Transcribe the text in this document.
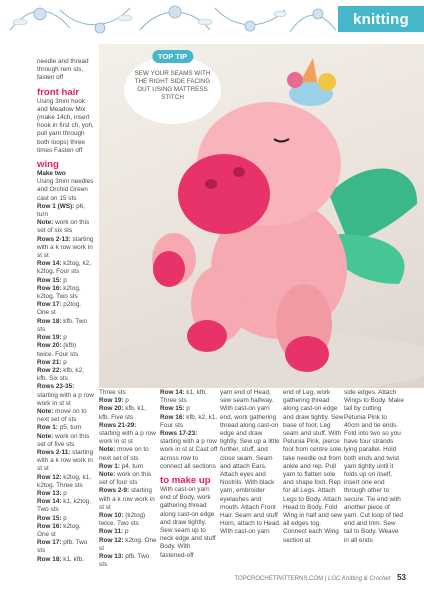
knitting

needle and thread through rem sts, fasten off

front hair

Using 3mm hook and Meadow Mix (make 14ch, insert hook in first ch, yoh, pull yarn through both loops) three times Fasten off

wing

Make two

Using 3mm needles and Orchid Green cast on 15 sts

Row 1 (WS): p6, turn

Note: work on this set of six sts

Rows 2-13: starting with a k row work in st st

Row 14: k2tog, k2, k2tog. Four sts

Row 15: p

Row 16: k2tog, k2tog. Two sts

Row 17: p2tog. One st

Row 18: kfb. Two sts

Row 19: p

Row 20: (kfb) twice. Four sts

Row 21: p

Row 22: kfb, k2, kfb. Six sts

Rows 23-35: starting with a p row work in st st

Note: move on to next set of sts

Row 1: p5, turn

Note: work on this set of five sts

Rows 2-11: starting with a k row work in st st

Row 12: k2tog, k1, k2tog. Three sts

Row 13: p

Row 14: k1, k2tog. Two sts

Row 15: p

Row 16: k2tog. One st

Row 17: pfb. Two sts

Row 18: k1, kfb.

TOP TIP
SEW YOUR SEAMS WITH THE RIGHT SIDE FACING OUT USING MATTRESS STITCH

Three sts

Row 19: p

Row 20: kfb, k1, kfb. Five sts

Rows 21-29: starting with a p row work in st st

Note: move on to next set of sts

Row 1: p4, turn

Note: work on this set of four sts

Rows 2-9: starting with a k row work in st st

Row 10: (k2tog) twice. Two sts

Row 11: p

Row 12: k2tog. One st

Row 13: pfb. Two sts

Row 14: k1, kfb. Three sts

Row 15: p

Row 16: kfb, k2, k1. Four sts

Rows 17-23: starting with a p row work in st st Cast off across row to connect all sections

to make up

With cast-on yarn end of Body, work gathering thread along cast-on edge and draw tightly. Sew seam up to neck edge and stuff Body. With fastened-off

yarn end of Head, sew seam halfway. With cast-on yarn end, work gathering thread along cast-on edge and draw tightly. Sew up a little further, stuff, and close seam. Seam and attach Ears. Attach eyes and Nostrils. With black yarn, embroider eyelashes and mouth. Attach Front Hair. Seam and stuff Horn, attach to Head. With cast-on yarn

end of Leg, work gathering thread along cast-on edge and draw tightly. Sew base of foot, Leg seam and stuff. With Petunia Pink, pierce foot from centre sole, take needle out from ankle and rep. Pull yarn to flatten sole and shape foot. Rep for all Legs. Attach Legs to Body. Attach Head to Body. Fold Wing in half and sew all edges tog. Connect each Wing section at

side edges. Attach Wings to Body. Make tail by cutting Petunia Pink to 40cm and tie ends. Fold into two so you have four strands lying parallel. Hold both ends and twist yarn tightly until it folds up on itself, insert one end through other to secure. Tie end with another piece of yarn. Cut loop of tied end and trim. Sew tail to Body. Weave in all ends

TOPCROCHETPATTERNS.COM | LGC Knitting & Crochet 53
